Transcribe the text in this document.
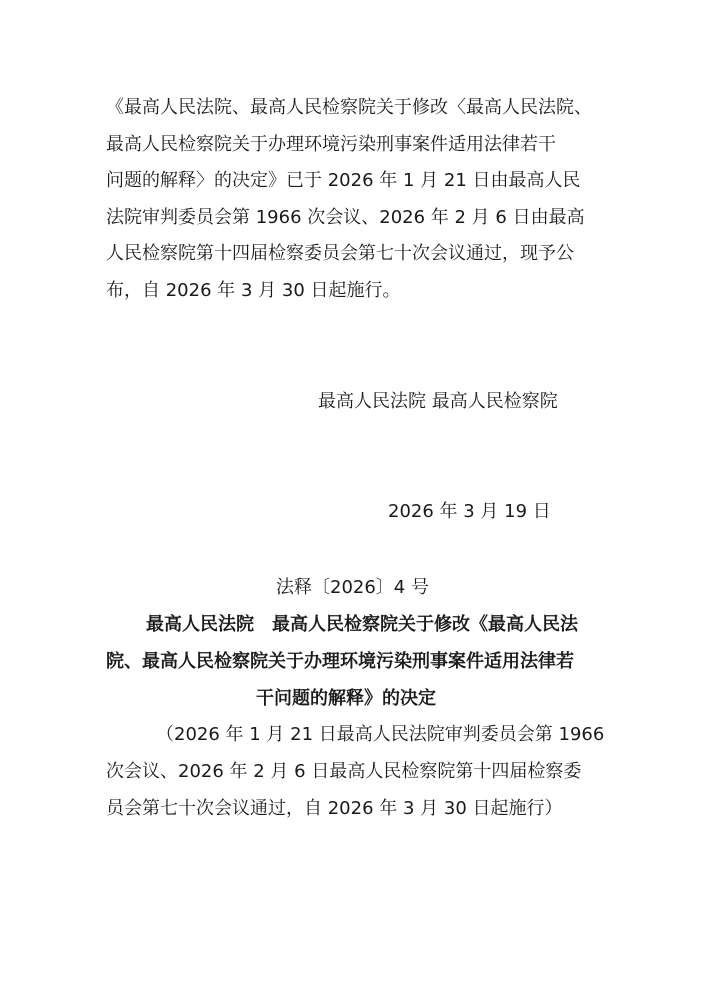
《最高人民法院、最高人民检察院关于修改〈最高人民法院、
最高人民检察院关于办理环境污染刑事案件适用法律若干
问题的解释〉的决定》已于 2026 年 1 月 21 日由最高人民
法院审判委员会第 1966 次会议、2026 年 2 月 6 日由最高
人民检察院第十四届检察委员会第七十次会议通过，现予公
布，自 2026 年 3 月 30 日起施行。
最高人民法院 最高人民检察院
2026 年 3 月 19 日
法释〔2026〕4 号
最高人民法院　最高人民检察院关于修改《最高人民法
院、最高人民检察院关于办理环境污染刑事案件适用法律若
干问题的解释》的决定
（2026 年 1 月 21 日最高人民法院审判委员会第 1966
次会议、2026 年 2 月 6 日最高人民检察院第十四届检察委
员会第七十次会议通过，自 2026 年 3 月 30 日起施行）
